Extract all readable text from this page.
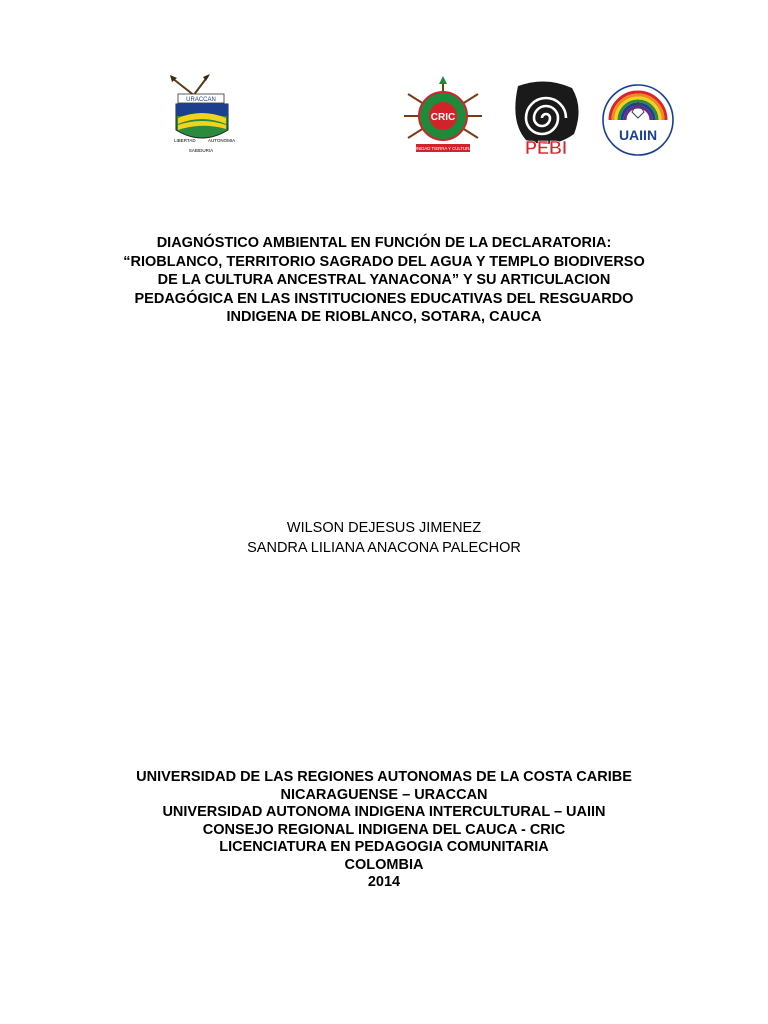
URACCAN
LIBERTAD	AUTONOMIA
SABIDURIA
CRIC
UNIDAD TIERRA Y CULTURA	PEBI
UAIIN
DIAGNÓSTICO AMBIENTAL EN FUNCIÓN DE LA DECLARATORIA:
“RIOBLANCO, TERRITORIO SAGRADO DEL AGUA Y TEMPLO BIODIVERSO
DE LA CULTURA ANCESTRAL YANACONA” Y SU ARTICULACION
PEDAGÓGICA EN LAS INSTITUCIONES EDUCATIVAS DEL RESGUARDO
INDIGENA DE RIOBLANCO, SOTARA, CAUCA
WILSON DEJESUS JIMENEZ
SANDRA LILIANA ANACONA PALECHOR
UNIVERSIDAD DE LAS REGIONES AUTONOMAS DE LA COSTA CARIBE
NICARAGUENSE – URACCAN
UNIVERSIDAD AUTONOMA INDIGENA INTERCULTURAL – UAIIN
CONSEJO REGIONAL INDIGENA DEL CAUCA - CRIC
LICENCIATURA EN PEDAGOGIA COMUNITARIA
COLOMBIA
2014
